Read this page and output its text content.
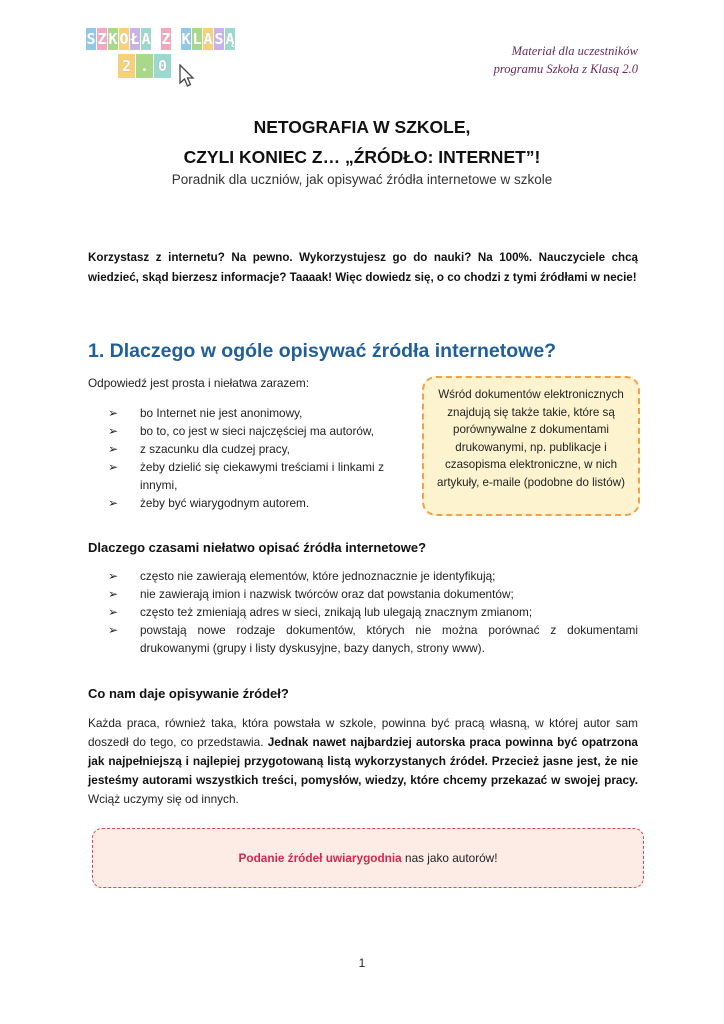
S Z K O Ł A Z K L A S Ą
2 . 0
Materiał dla uczestników
programu Szkoła z Klasą 2.0
NETOGRAFIA W SZKOLE,
CZYLI KONIEC Z… „ŹRÓDŁO: INTERNET”!
Poradnik dla uczniów, jak opisywać źródła internetowe w szkole
Korzystasz z internetu? Na pewno. Wykorzystujesz go do nauki? Na 100%. Nauczyciele chcą wiedzieć, skąd bierzesz informacje? Taaaak! Więc dowiedz się, o co chodzi z tymi źródłami w necie!
1. Dlaczego w ogóle opisywać źródła internetowe?
Odpowiedź jest prosta i niełatwa zarazem:
➢ bo Internet nie jest anonimowy,
➢ bo to, co jest w sieci najczęściej ma autorów,
➢ z szacunku dla cudzej pracy,
➢ żeby dzielić się ciekawymi treściami i linkami z innymi,
➢ żeby być wiarygodnym autorem.
Wśród dokumentów elektronicznych znajdują się także takie, które są porównywalne z dokumentami drukowanymi, np. publikacje i czasopisma elektroniczne, w nich artykuły, e-maile (podobne do listów)
Dlaczego czasami niełatwo opisać źródła internetowe?
➢ często nie zawierają elementów, które jednoznacznie je identyfikują;
➢ nie zawierają imion i nazwisk twórców oraz dat powstania dokumentów;
➢ często też zmieniają adres w sieci, znikają lub ulegają znacznym zmianom;
➢ powstają nowe rodzaje dokumentów, których nie można porównać z dokumentami drukowanymi (grupy i listy dyskusyjne, bazy danych, strony www).
Co nam daje opisywanie źródeł?
Każda praca, również taka, która powstała w szkole, powinna być pracą własną, w której autor sam doszedł do tego, co przedstawia. Jednak nawet najbardziej autorska praca powinna być opatrzona jak najpełniejszą i najlepiej przygotowaną listą wykorzystanych źródeł. Przecież jasne jest, że nie jesteśmy autorami wszystkich treści, pomysłów, wiedzy, które chcemy przekazać w swojej pracy. Wciąż uczymy się od innych.
Podanie źródeł uwiarygodnia nas jako autorów!
1
